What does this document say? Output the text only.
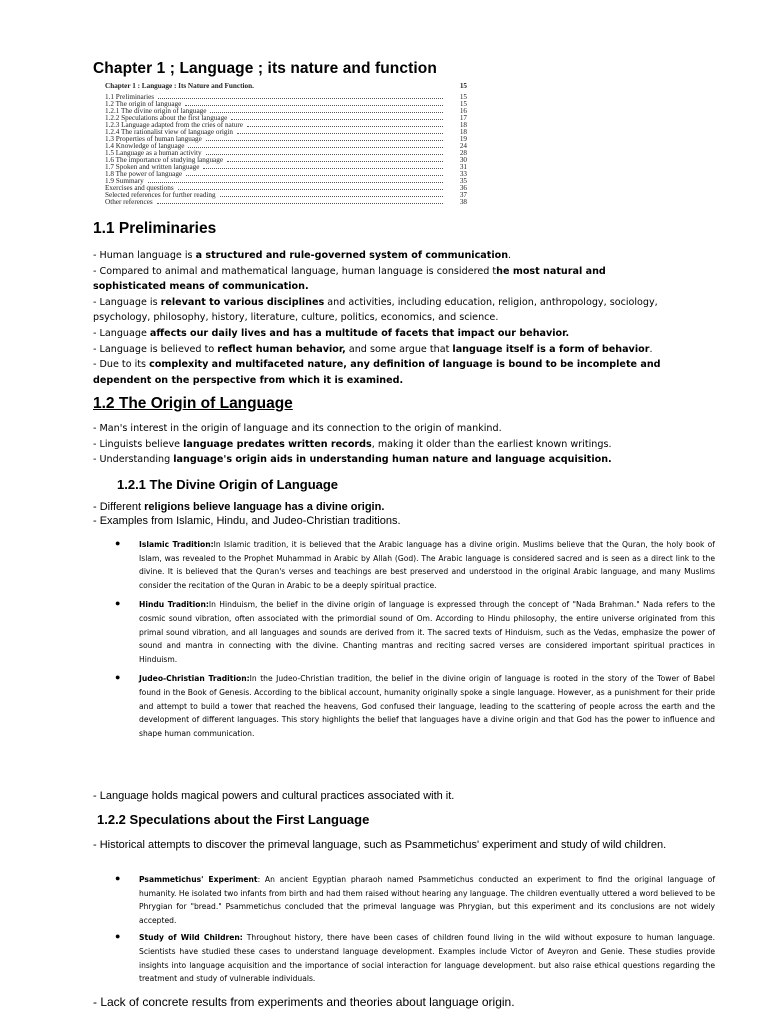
Chapter 1 ; Language ; its nature and function
Chapter 1 : Language : Its Nature and Function.	15
1.1 Preliminaries	15
1.2 The origin of language	15
1.2.1 The divine origin of language	16
1.2.2 Speculations about the first language	17
1.2.3 Language adapted from the cries of nature	18
1.2.4 The rationalist view of language origin	18
1.3 Properties of human language	19
1.4 Knowledge of language	24
1.5 Language as a human activity	28
1.6 The importance of studying language	30
1.7 Spoken and written language	31
1.8 The power of language	33
1.9 Summary	35
Exercises and questions	36
Selected references for further reading	37
Other references	38
1.1 Preliminaries

- Human language is a structured and rule-governed system of communication.

- Compared to animal and mathematical language, human language is considered the most natural and sophisticated means of communication.

- Language is relevant to various disciplines and activities, including education, religion, anthropology, sociology, psychology, philosophy, history, literature, culture, politics, economics, and science.

- Language affects our daily lives and has a multitude of facets that impact our behavior.

- Language is believed to reflect human behavior, and some argue that language itself is a form of behavior.

- Due to its complexity and multifaceted nature, any definition of language is bound to be incomplete and dependent on the perspective from which it is examined.

1.2 The Origin of Language

- Man's interest in the origin of language and its connection to the origin of mankind.

- Linguists believe language predates written records, making it older than the earliest known writings.

- Understanding language's origin aids in understanding human nature and language acquisition.

1.2.1 The Divine Origin of Language

- Different religions believe language has a divine origin.

- Examples from Islamic, Hindu, and Judeo-Christian traditions.

● Islamic Tradition:In Islamic tradition, it is believed that the Arabic language has a divine origin. Muslims believe that the Quran, the holy book of Islam, was revealed to the Prophet Muhammad in Arabic by Allah (God). The Arabic language is considered sacred and is seen as a direct link to the divine. It is believed that the Quran's verses and teachings are best preserved and understood in the original Arabic language, and many Muslims consider the recitation of the Quran in Arabic to be a deeply spiritual practice.
● Hindu Tradition:In Hinduism, the belief in the divine origin of language is expressed through the concept of "Nada Brahman." Nada refers to the cosmic sound vibration, often associated with the primordial sound of Om. According to Hindu philosophy, the entire universe originated from this primal sound vibration, and all languages and sounds are derived from it. The sacred texts of Hinduism, such as the Vedas, emphasize the power of sound and mantra in connecting with the divine. Chanting mantras and reciting sacred verses are considered important spiritual practices in Hinduism.
● Judeo-Christian Tradition:In the Judeo-Christian tradition, the belief in the divine origin of language is rooted in the story of the Tower of Babel found in the Book of Genesis. According to the biblical account, humanity originally spoke a single language. However, as a punishment for their pride and attempt to build a tower that reached the heavens, God confused their language, leading to the scattering of people across the earth and the development of different languages. This story highlights the belief that languages have a divine origin and that God has the power to influence and shape human communication.

- Language holds magical powers and cultural practices associated with it.

1.2.2 Speculations about the First Language

- Historical attempts to discover the primeval language, such as Psammetichus' experiment and study of wild children.

● Psammetichus' Experiment: An ancient Egyptian pharaoh named Psammetichus conducted an experiment to find the original language of humanity. He isolated two infants from birth and had them raised without hearing any language. The children eventually uttered a word believed to be Phrygian for "bread." Psammetichus concluded that the primeval language was Phrygian, but this experiment and its conclusions are not widely accepted.
● Study of Wild Children: Throughout history, there have been cases of children found living in the wild without exposure to human language. Scientists have studied these cases to understand language development. Examples include Victor of Aveyron and Genie. These studies provide insights into language acquisition and the importance of social interaction for language development. but also raise ethical questions regarding the treatment and study of vulnerable individuals.

- Lack of concrete results from experiments and theories about language origin.
